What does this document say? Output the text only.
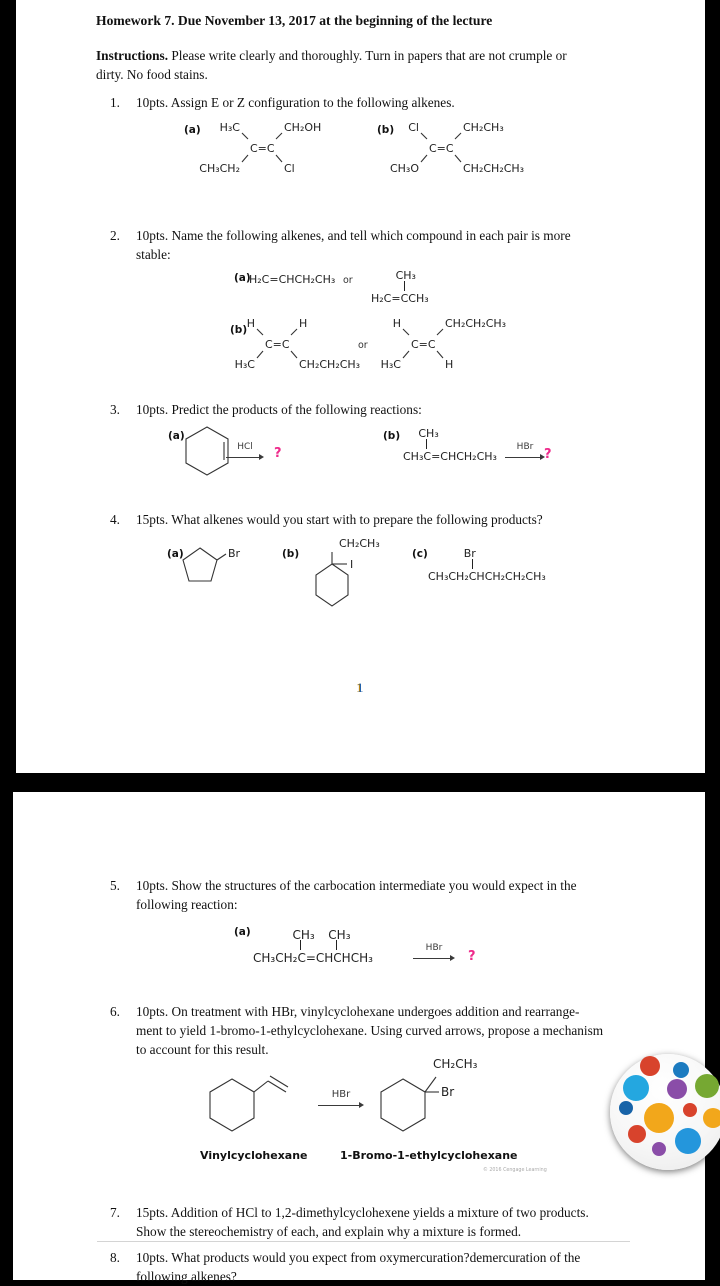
Homework 7. Due November 13, 2017 at the beginning of the lecture
Instructions. Please write clearly and thoroughly. Turn in papers that are not crumple or
dirty. No food stains.
1. 10pts. Assign E or Z configuration to the following alkenes.
(a)	H₃C	CH₂OH
C=C
CH₃CH₂	Cl
(b)	Cl	CH₂CH₃
C=C
CH₃O	CH₂CH₂CH₃
2. 10pts. Name the following alkenes, and tell which compound in each pair is more
stable:
(a)
H₂C=CHCH₂CH₃ or
H₂C=C
CH₃
CH₃
(b) H	H
C=C
H₃C	CH₂CH₂CH₃
or
H	CH₂CH₂CH₃
C=C
H₃C	H
3. 10pts. Predict the products of the following reactions:
(a)
HCl	?
(b)
CH₃C
CH₃
=CHCH₂CH₃
HBr ?
4. 15pts. What alkenes would you start with to prepare the following products?
(a)	Br	(b)
CH₂CH₃
I
(c)
CH₃CH₂CH
Br
CH₂CH₂CH₃
1
5. 10pts. Show the structures of the carbocation intermediate you would expect in the
following reaction:
(a)
CH₃CH₂C
CH₃
=CHCH
CH₃
CH₃
HBr
?
6. 10pts. On treatment with HBr, vinylcyclohexane undergoes addition and rearrange-
ment to yield 1-bromo-1-ethylcyclohexane. Using curved arrows, propose a mechanism
to account for this result.
HBr
CH₂CH₃
Br
Vinylcyclohexane	1-Bromo-1-ethylcyclohexane
© 2016 Cengage Learning
7. 15pts. Addition of HCl to 1,2-dimethylcyclohexene yields a mixture of two products.
Show the stereochemistry of each, and explain why a mixture is formed.
8. 10pts. What products would you expect from oxymercuration?demercuration of the
following alkenes?
